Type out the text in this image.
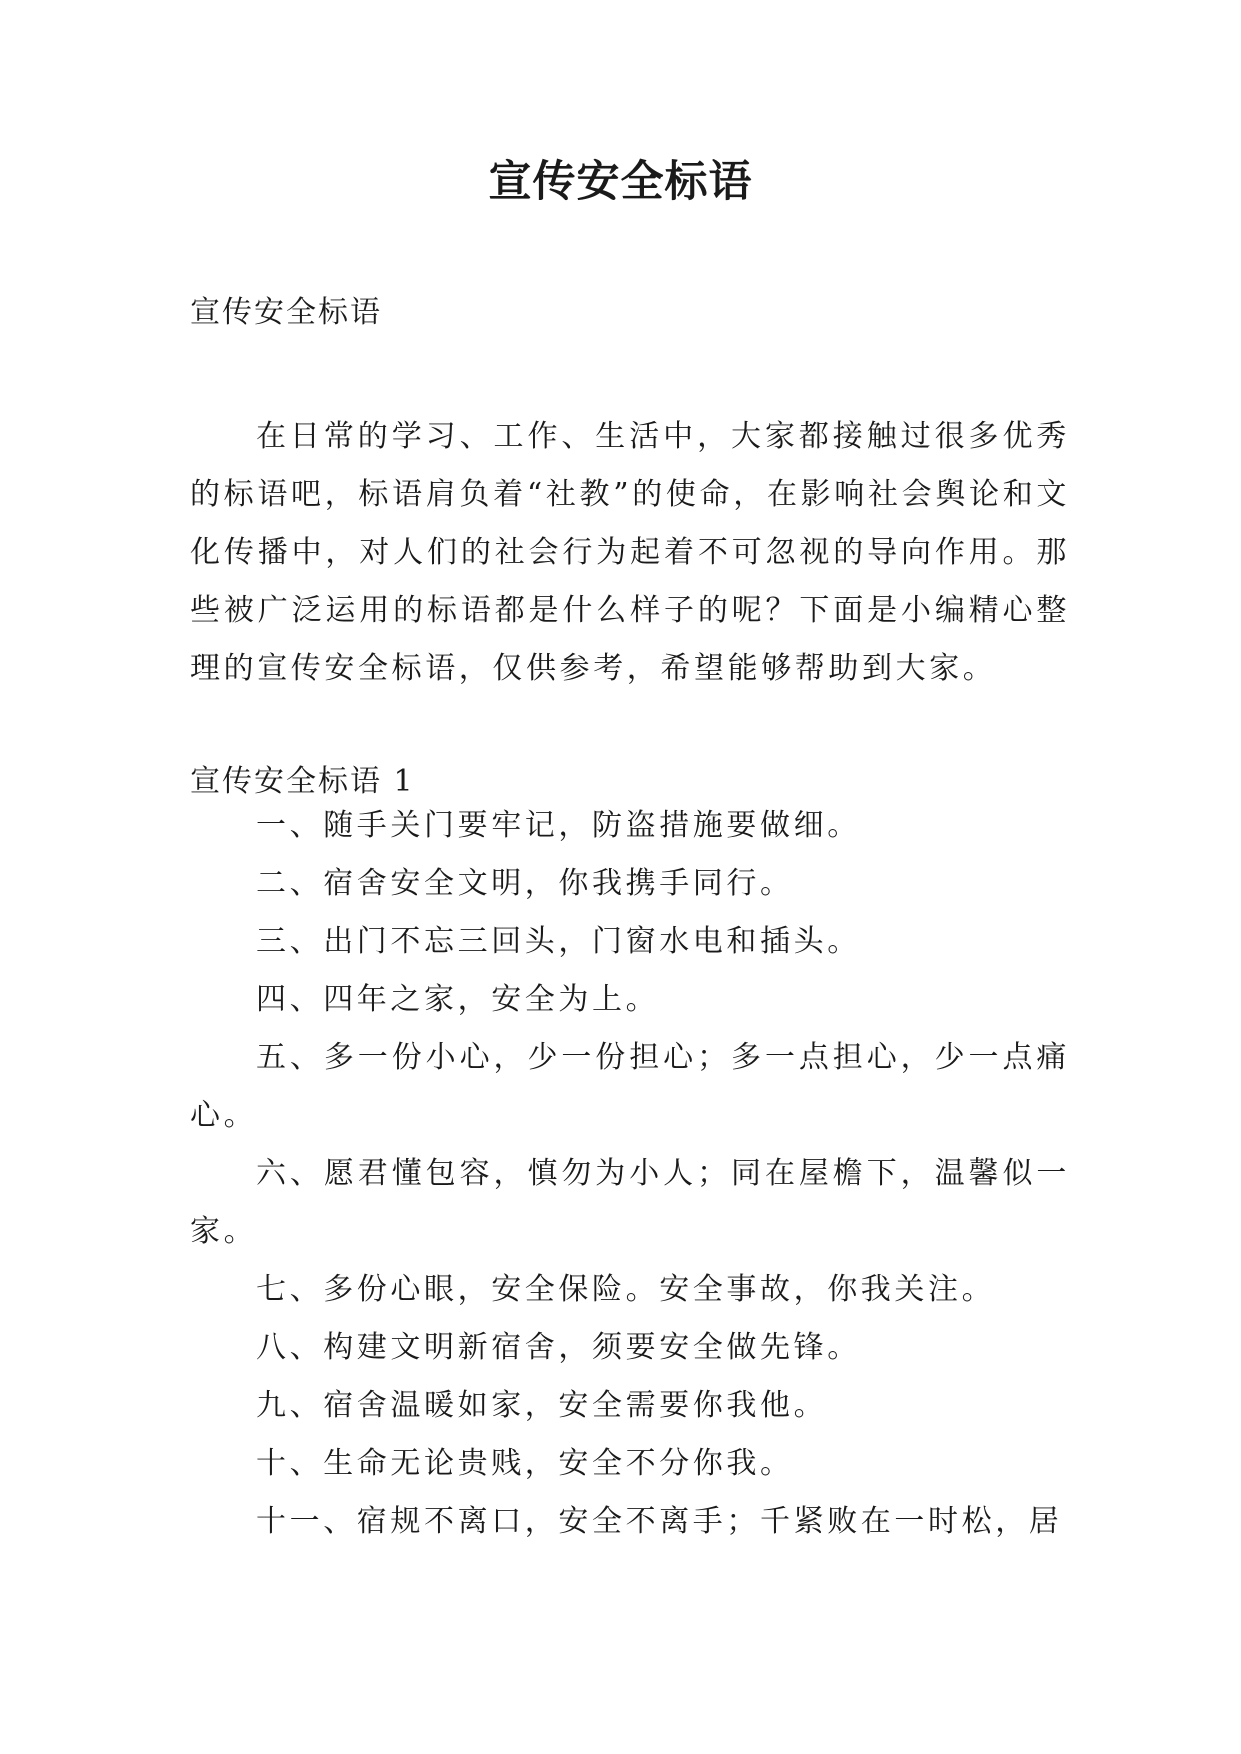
宣传安全标语
宣传安全标语

在日常的学习、工作、生活中，大家都接触过很多优秀的标语吧，标语肩负着“社教”的使命，在影响社会舆论和文化传播中，对人们的社会行为起着不可忽视的导向作用。那些被广泛运用的标语都是什么样子的呢？下面是小编精心整理的宣传安全标语，仅供参考，希望能够帮助到大家。

宣传安全标语 1
一、随手关门要牢记，防盗措施要做细。
二、宿舍安全文明，你我携手同行。
三、出门不忘三回头，门窗水电和插头。
四、四年之家，安全为上。
五、多一份小心，少一份担心；多一点担心，少一点痛心。
六、愿君懂包容，慎勿为小人；同在屋檐下，温馨似一家。
七、多份心眼，安全保险。安全事故，你我关注。
八、构建文明新宿舍，须要安全做先锋。
九、宿舍温暖如家，安全需要你我他。
十、生命无论贵贱，安全不分你我。
十一、宿规不离口，安全不离手；千紧败在一时松，居
